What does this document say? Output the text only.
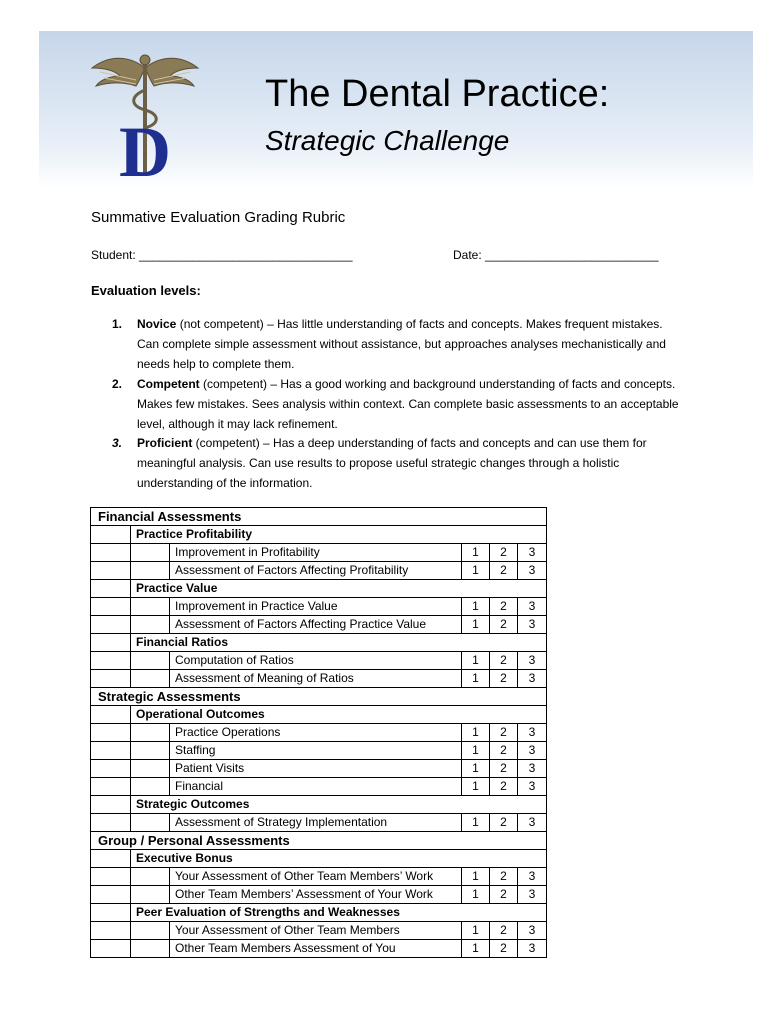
D
The Dental Practice:
Strategic Challenge
Summative Evaluation Grading Rubric
Student: ________________________________	Date: __________________________
Evaluation levels:
1. Novice (not competent) – Has little understanding of facts and concepts. Makes frequent mistakes. Can complete simple assessment without assistance, but approaches analyses mechanistically and needs help to complete them.
2. Competent (competent) – Has a good working and background understanding of facts and concepts. Makes few mistakes. Sees analysis within context. Can complete basic assessments to an acceptable level, although it may lack refinement.
3. Proficient (competent) – Has a deep understanding of facts and concepts and can use them for meaningful analysis. Can use results to propose useful strategic changes through a holistic understanding of the information.
Financial Assessments					
	Practice Profitability				
		Improvement in Profitability	1	2	3
		Assessment of Factors Affecting Profitability	1	2	3
	Practice Value				
		Improvement in Practice Value	1	2	3
		Assessment of Factors Affecting Practice Value	1	2	3
	Financial Ratios				
		Computation of Ratios	1	2	3
		Assessment of Meaning of Ratios	1	2	3
Strategic Assessments					
	Operational Outcomes				
		Practice Operations	1	2	3
		Staffing	1	2	3
		Patient Visits	1	2	3
		Financial	1	2	3
	Strategic Outcomes				
		Assessment of Strategy Implementation	1	2	3
Group / Personal Assessments					
	Executive Bonus				
		Your Assessment of Other Team Members’ Work	1	2	3
		Other Team Members’ Assessment of Your Work	1	2	3
	Peer Evaluation of Strengths and Weaknesses				
		Your Assessment of Other Team Members	1	2	3
		Other Team Members Assessment of You	1	2	3
